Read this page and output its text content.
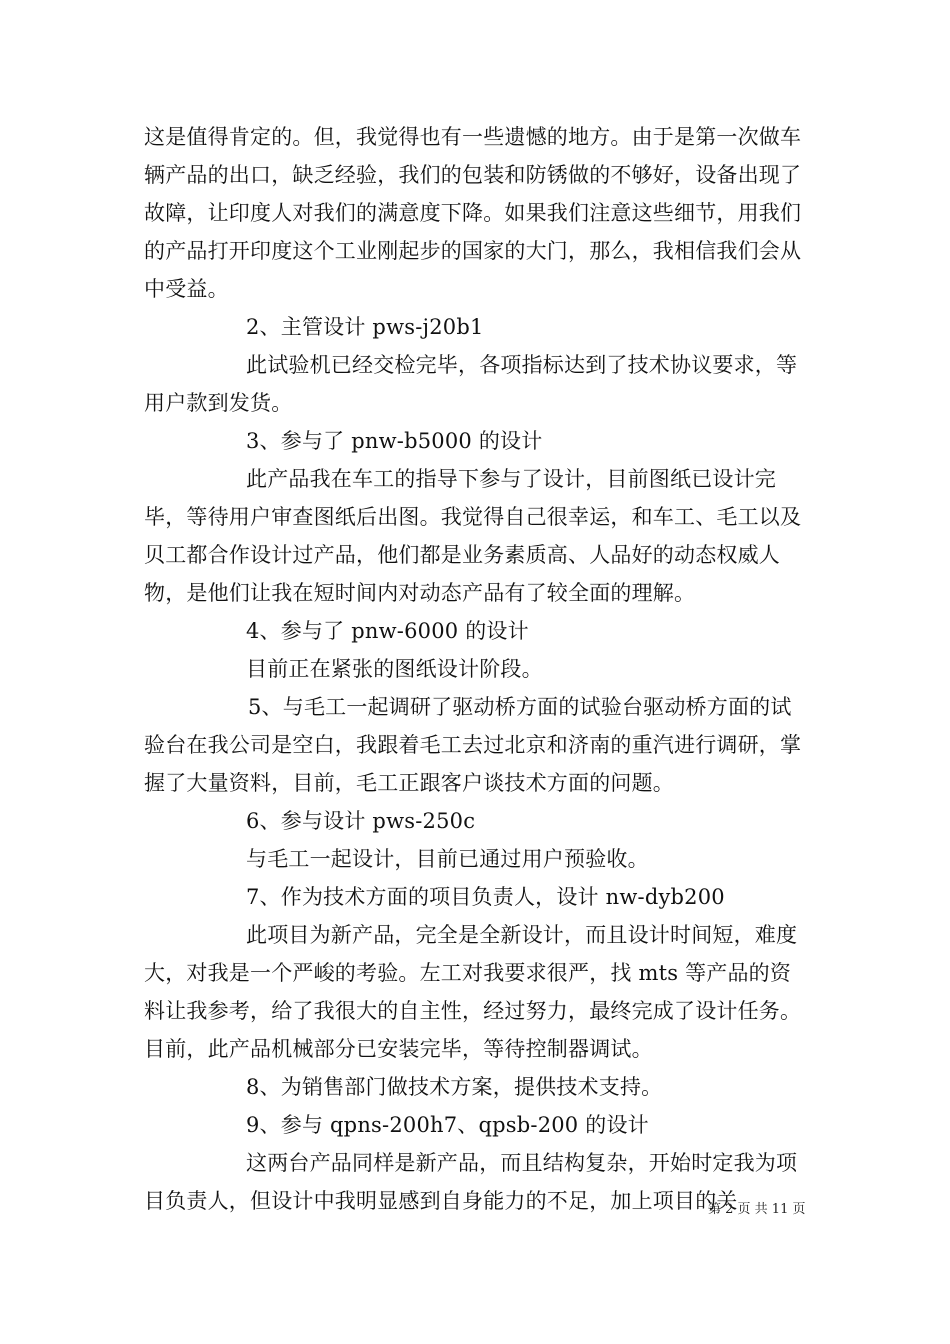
这是值得肯定的。但，我觉得也有一些遗憾的地方。由于是第一次做车辆产品的出口，缺乏经验，我们的包装和防锈做的不够好，设备出现了故障，让印度人对我们的满意度下降。如果我们注意这些细节，用我们的产品打开印度这个工业刚起步的国家的大门，那么，我相信我们会从中受益。

2、主管设计 pws-j20b1

此试验机已经交检完毕，各项指标达到了技术协议要求，等用户款到发货。

3、参与了 pnw-b5000 的设计

此产品我在车工的指导下参与了设计，目前图纸已设计完毕，等待用户审查图纸后出图。我觉得自己很幸运，和车工、毛工以及贝工都合作设计过产品，他们都是业务素质高、人品好的动态权威人物，是他们让我在短时间内对动态产品有了较全面的理解。

4、参与了 pnw-6000 的设计

目前正在紧张的图纸设计阶段。

5、与毛工一起调研了驱动桥方面的试验台驱动桥方面的试验台在我公司是空白，我跟着毛工去过北京和济南的重汽进行调研，掌握了大量资料，目前，毛工正跟客户谈技术方面的问题。

6、参与设计 pws-250c

与毛工一起设计，目前已通过用户预验收。

7、作为技术方面的项目负责人，设计 nw-dyb200

此项目为新产品，完全是全新设计，而且设计时间短，难度大，对我是一个严峻的考验。左工对我要求很严，找 mts 等产品的资料让我参考，给了我很大的自主性，经过努力，最终完成了设计任务。目前，此产品机械部分已安装完毕，等待控制器调试。

8、为销售部门做技术方案，提供技术支持。

9、参与 qpns-200h7、qpsb-200 的设计

这两台产品同样是新产品，而且结构复杂，开始时定我为项目负责人，但设计中我明显感到自身能力的不足，加上项目的关

第 2 页 共 11 页
